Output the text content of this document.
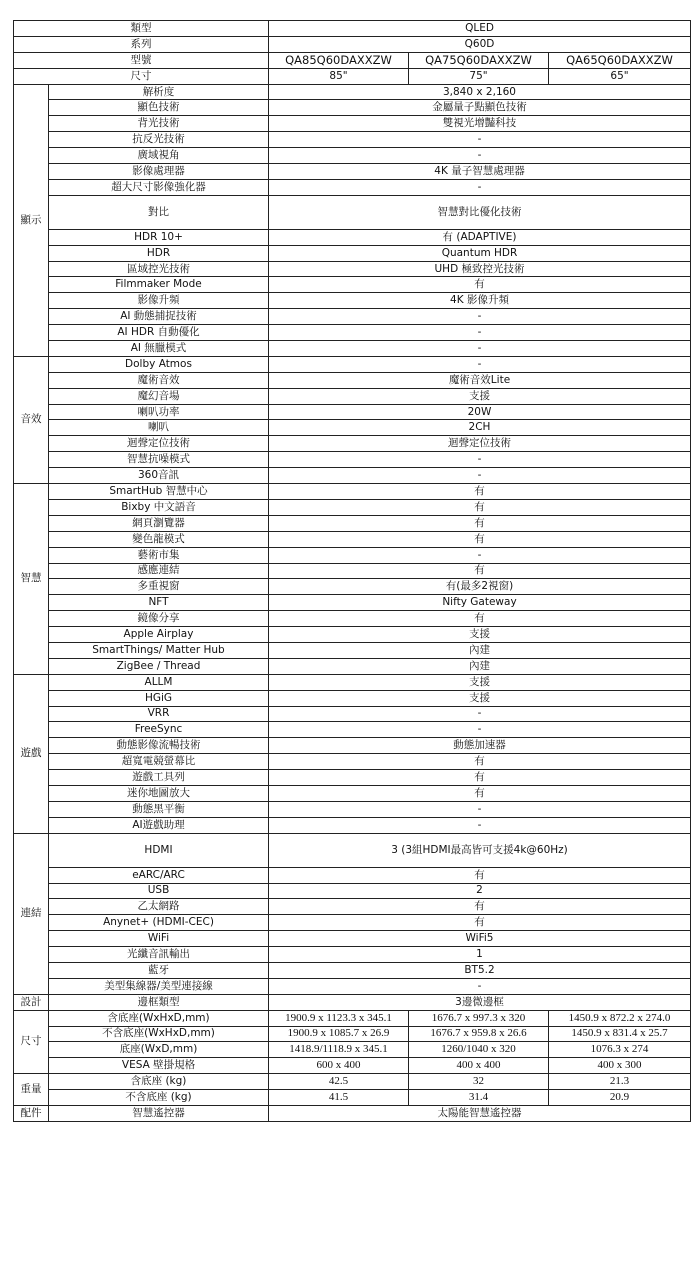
類型		QLED		
系列		Q60D		
型號		QA85Q60DAXXZW	QA75Q60DAXXZW	QA65Q60DAXXZW
尺寸		85"	75"	65"
顯示	解析度	3,840 x 2,160		
	顯色技術	金屬量子點顯色技術		
	背光技術	雙視光增豔科技		
	抗反光技術	-		
	廣域視角	-		
	影像處理器	4K 量子智慧處理器		
	超大尺寸影像強化器	-		
	對比	智慧對比優化技術		
	HDR 10+	有 (ADAPTIVE)		
	HDR	Quantum HDR		
	區域控光技術	UHD 極致控光技術		
	Filmmaker Mode	有		
	影像升頻	4K 影像升頻		
	AI 動態捕捉技術	-		
	AI HDR 自動優化	-		
	AI 無臘模式	-		
音效	Dolby Atmos	-		
	魔術音效	魔術音效Lite		
	魔幻音場	支援		
	喇叭功率	20W		
	喇叭	2CH		
	迴聲定位技術	迴聲定位技術		
	智慧抗噪模式	-		
	360音訊	-		
智慧	SmartHub 智慧中心	有		
	Bixby 中文語音	有		
	網頁瀏覽器	有		
	變色龍模式	有		
	藝術市集	-		
	感應連結	有		
	多重視窗	有(最多2視窗)		
	NFT	Nifty Gateway		
	鏡像分享	有		
	Apple Airplay	支援		
	SmartThings/ Matter Hub	內建		
	ZigBee / Thread	內建		
遊戲	ALLM	支援		
	HGiG	支援		
	VRR	-		
	FreeSync	-		
	動態影像流暢技術	動態加速器		
	超寬電競螢幕比	有		
	遊戲工具列	有		
	迷你地圖放大	有		
	動態黑平衡	-		
	AI遊戲助理	-		
連結	HDMI	3 (3組HDMI最高皆可支援4k@60Hz)		
	eARC/ARC	有		
	USB	2		
	乙太網路	有		
	Anynet+ (HDMI-CEC)	有		
	WiFi	WiFi5		
	光纖音訊輸出	1		
	藍牙	BT5.2		
	美型集線器/美型連接線	-		
設計	邊框類型	3邊微邊框		
尺寸	含底座(WxHxD,mm)	1900.9 x 1123.3 x 345.1	1676.7 x 997.3 x 320	1450.9 x 872.2 x 274.0
	不含底座(WxHxD,mm)	1900.9 x 1085.7 x 26.9	1676.7 x 959.8 x 26.6	1450.9 x 831.4 x 25.7
	底座(WxD,mm)	1418.9/1118.9 x 345.1	1260/1040 x 320	1076.3 x 274
	VESA 壁掛規格	600 x 400	400 x 400	400 x 300
重量	含底座 (kg)	42.5	32	21.3
	不含底座 (kg)	41.5	31.4	20.9
配件	智慧遙控器	太陽能智慧遙控器		
